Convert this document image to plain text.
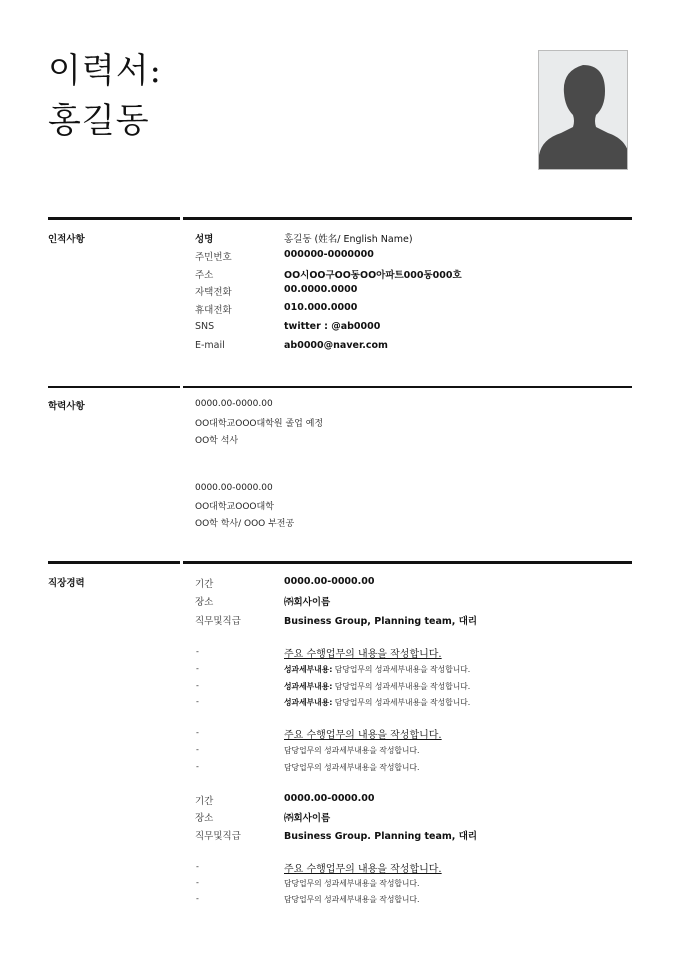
이력서:
홍길동
인적사항	성명	홍길동 (姓名/ English Name)
주민번호	000000-0000000
주소	OO시OO구OO동OO아파트000동000호
자택전화	00.0000.0000
휴대전화	010.000.0000
SNS	twitter : @ab0000
E-mail	ab0000@naver.com
학력사항	0000.00-0000.00
OO대학교OOO대학원 졸업 예정
OO학 석사
0000.00-0000.00
OO대학교OOO대학
OO학 학사/ OOO 부전공
직장경력	기간	0000.00-0000.00
장소	㈜회사이름
직무및직급	Business Group, Planning team, 대리
-	주요 수행업무의 내용을 작성합니다.
-	성과세부내용: 담당업무의 성과세부내용을 작성합니다.
-	성과세부내용: 담당업무의 성과세부내용을 작성합니다.
-	성과세부내용: 담당업무의 성과세부내용을 작성합니다.
-	주요 수행업무의 내용을 작성합니다.
-	담당업무의 성과세부내용을 작성합니다.
-	담당업무의 성과세부내용을 작성합니다.
기간	0000.00-0000.00
장소	㈜회사이름
직무및직급	Business Group. Planning team, 대리
-	주요 수행업무의 내용을 작성합니다.
-	담당업무의 성과세부내용을 작성합니다.
-	담당업무의 성과세부내용을 작성합니다.
